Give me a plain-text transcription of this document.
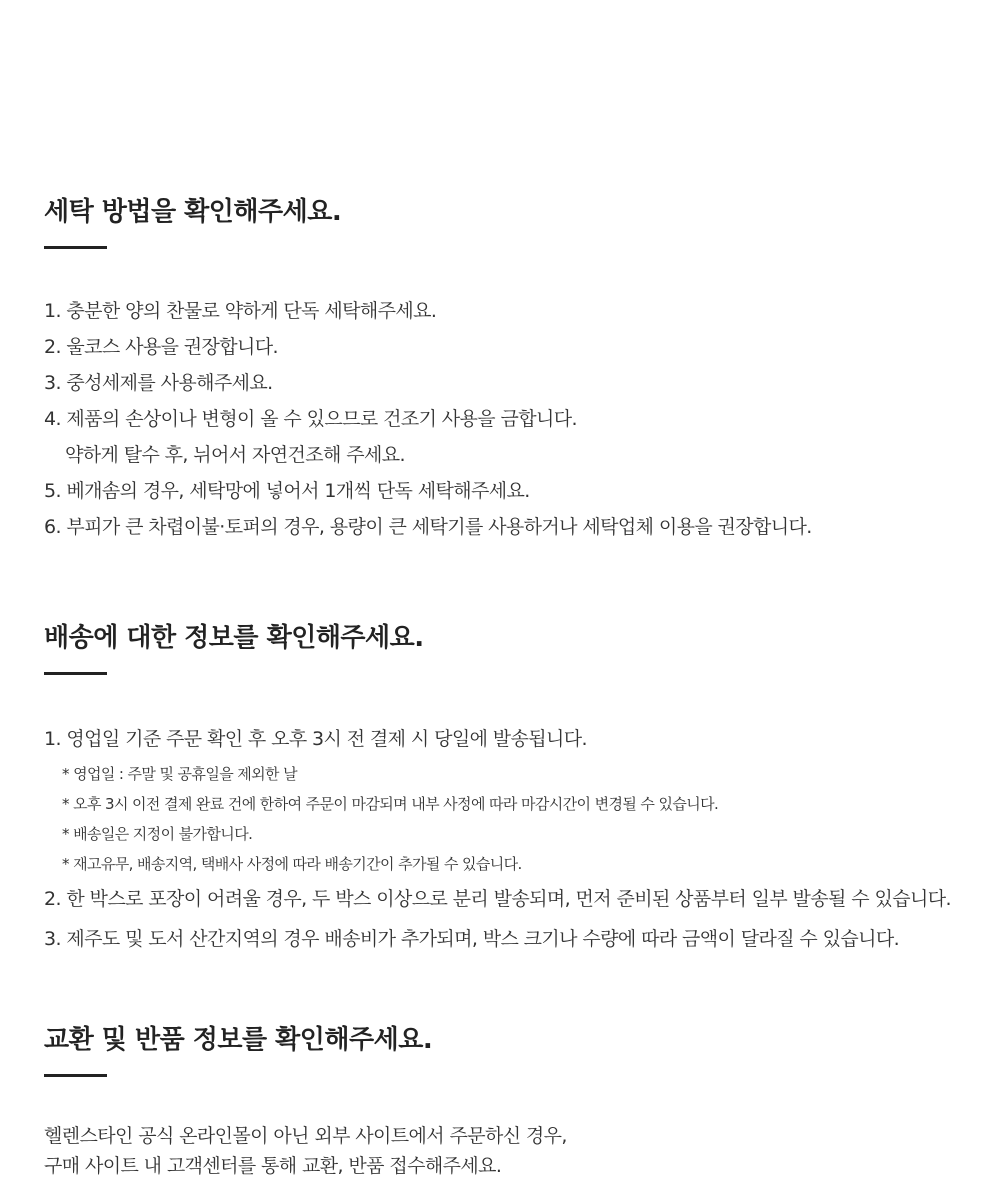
세탁 방법을 확인해주세요.
1. 충분한 양의 찬물로 약하게 단독 세탁해주세요.
2. 울코스 사용을 권장합니다.
3. 중성세제를 사용해주세요.
4. 제품의 손상이나 변형이 올 수 있으므로 건조기 사용을 금합니다.
약하게 탈수 후, 뉘어서 자연건조해 주세요.
5. 베개솜의 경우, 세탁망에 넣어서 1개씩 단독 세탁해주세요.
6. 부피가 큰 차렵이불·토퍼의 경우, 용량이 큰 세탁기를 사용하거나 세탁업체 이용을 권장합니다.
배송에 대한 정보를 확인해주세요.
1. 영업일 기준 주문 확인 후 오후 3시 전 결제 시 당일에 발송됩니다.
* 영업일 : 주말 및 공휴일을 제외한 날
* 오후 3시 이전 결제 완료 건에 한하여 주문이 마감되며 내부 사정에 따라 마감시간이 변경될 수 있습니다.
* 배송일은 지정이 불가합니다.
* 재고유무, 배송지역, 택배사 사정에 따라 배송기간이 추가될 수 있습니다.
2. 한 박스로 포장이 어려울 경우, 두 박스 이상으로 분리 발송되며, 먼저 준비된 상품부터 일부 발송될 수 있습니다.
3. 제주도 및 도서 산간지역의 경우 배송비가 추가되며, 박스 크기나 수량에 따라 금액이 달라질 수 있습니다.
교환 및 반품 정보를 확인해주세요.

헬렌스타인 공식 온라인몰이 아닌 외부 사이트에서 주문하신 경우,

구매 사이트 내 고객센터를 통해 교환, 반품 접수해주세요.
